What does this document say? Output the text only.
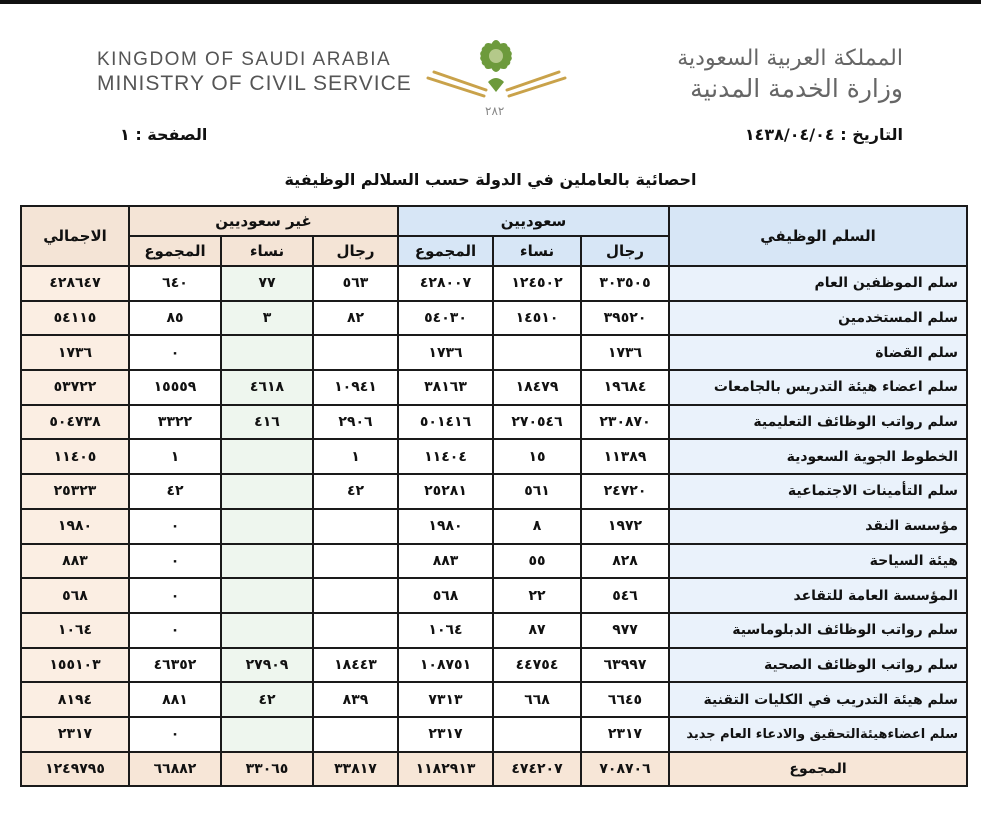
KINGDOM OF SAUDI ARABIA
MINISTRY OF CIVIL SERVICE
٢٨٢
المملكة العربية السعودية
وزارة الخدمة المدنية
التاريخ : ١٤٣٨/٠٤/٠٤
الصفحة : ١
احصائية بالعاملين في الدولة حسب السلالم الوظيفية
السلم الوظيفي	سعوديين			غير سعوديين			الاجمالي
	رجال	نساء	المجموع	رجال	نساء	المجموع	
سلم الموظفين العام	٣٠٣٥٠٥	١٢٤٥٠٢	٤٢٨٠٠٧	٥٦٣	٧٧	٦٤٠	٤٢٨٦٤٧
سلم المستخدمين	٣٩٥٢٠	١٤٥١٠	٥٤٠٣٠	٨٢	٣	٨٥	٥٤١١٥
سلم القضاة	١٧٣٦		١٧٣٦			٠	١٧٣٦
سلم اعضاء هيئة التدريس بالجامعات	١٩٦٨٤	١٨٤٧٩	٣٨١٦٣	١٠٩٤١	٤٦١٨	١٥٥٥٩	٥٣٧٢٢
سلم رواتب الوظائف التعليمية	٢٣٠٨٧٠	٢٧٠٥٤٦	٥٠١٤١٦	٢٩٠٦	٤١٦	٣٣٢٢	٥٠٤٧٣٨
الخطوط الجوية السعودية	١١٣٨٩	١٥	١١٤٠٤	١		١	١١٤٠٥
سلم التأمينات الاجتماعية	٢٤٧٢٠	٥٦١	٢٥٢٨١	٤٢		٤٢	٢٥٣٢٣
مؤسسة النقد	١٩٧٢	٨	١٩٨٠			٠	١٩٨٠
هيئة السياحة	٨٢٨	٥٥	٨٨٣			٠	٨٨٣
المؤسسة العامة للتقاعد	٥٤٦	٢٢	٥٦٨			٠	٥٦٨
سلم رواتب الوظائف الدبلوماسية	٩٧٧	٨٧	١٠٦٤			٠	١٠٦٤
سلم رواتب الوظائف الصحية	٦٣٩٩٧	٤٤٧٥٤	١٠٨٧٥١	١٨٤٤٣	٢٧٩٠٩	٤٦٣٥٢	١٥٥١٠٣
سلم هيئة التدريب في الكليات التقنية	٦٦٤٥	٦٦٨	٧٣١٣	٨٣٩	٤٢	٨٨١	٨١٩٤
سلم اعضاءهيئةالتحقيق والادعاء العام جديد	٢٣١٧		٢٣١٧			٠	٢٣١٧
المجموع	٧٠٨٧٠٦	٤٧٤٢٠٧	١١٨٢٩١٣	٣٣٨١٧	٣٣٠٦٥	٦٦٨٨٢	١٢٤٩٧٩٥
